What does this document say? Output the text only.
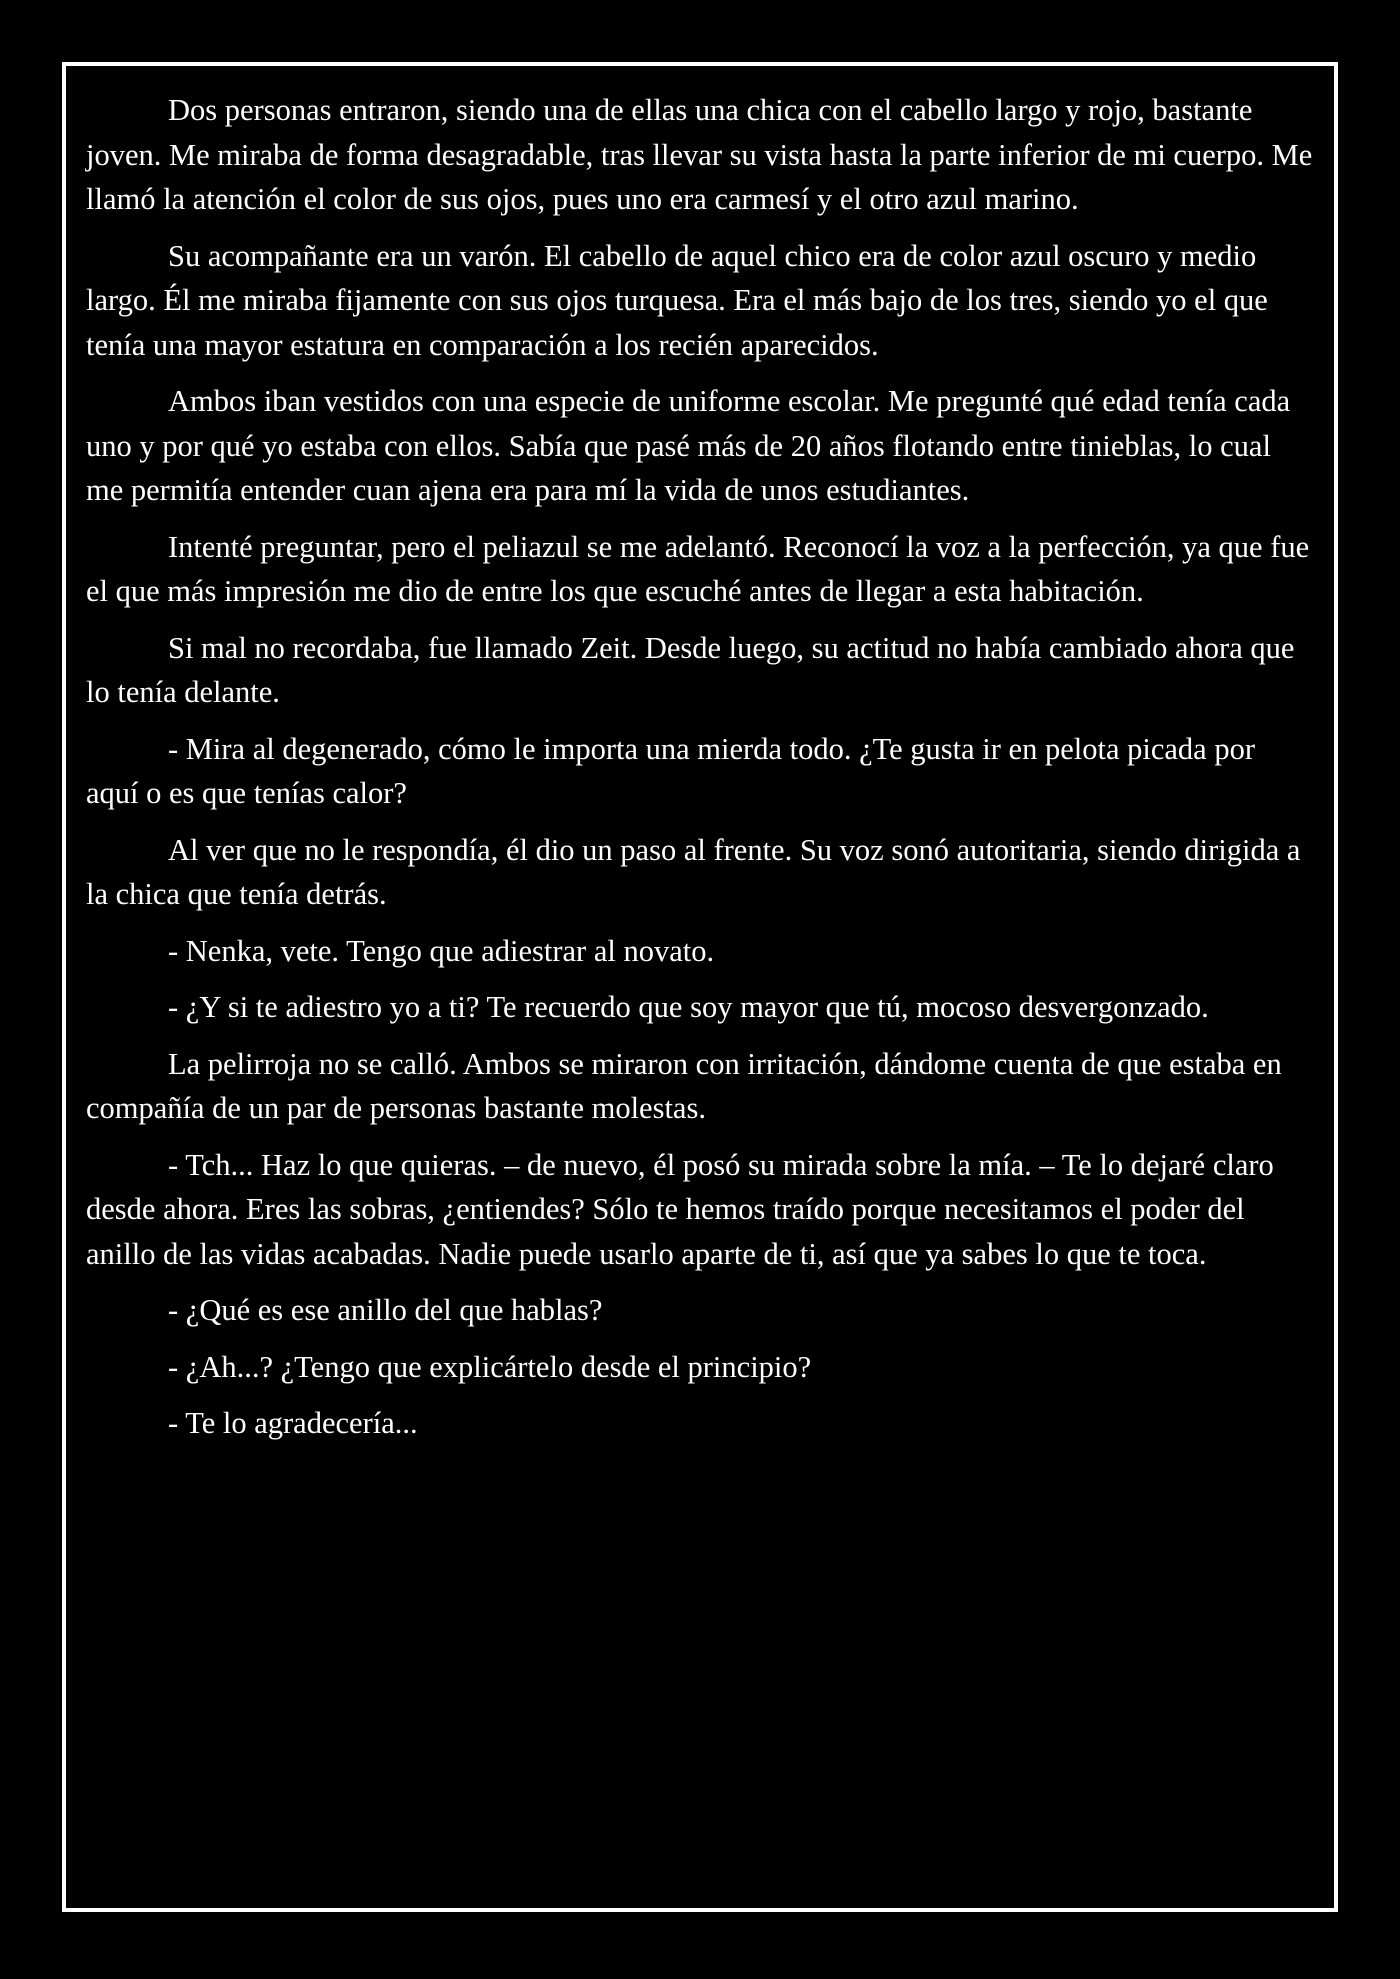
Dos personas entraron, siendo una de ellas una chica con el cabello largo y rojo, bastante joven. Me miraba de forma desagradable, tras llevar su vista hasta la parte inferior de mi cuerpo. Me llamó la atención el color de sus ojos, pues uno era carmesí y el otro azul marino.

Su acompañante era un varón. El cabello de aquel chico era de color azul oscuro y medio largo. Él me miraba fijamente con sus ojos turquesa. Era el más bajo de los tres, siendo yo el que tenía una mayor estatura en comparación a los recién aparecidos.

Ambos iban vestidos con una especie de uniforme escolar. Me pregunté qué edad tenía cada uno y por qué yo estaba con ellos. Sabía que pasé más de 20 años flotando entre tinieblas, lo cual me permitía entender cuan ajena era para mí la vida de unos estudiantes.

Intenté preguntar, pero el peliazul se me adelantó. Reconocí la voz a la perfección, ya que fue el que más impresión me dio de entre los que escuché antes de llegar a esta habitación.

Si mal no recordaba, fue llamado Zeit. Desde luego, su actitud no había cambiado ahora que lo tenía delante.

- Mira al degenerado, cómo le importa una mierda todo. ¿Te gusta ir en pelota picada por aquí o es que tenías calor?

Al ver que no le respondía, él dio un paso al frente. Su voz sonó autoritaria, siendo dirigida a la chica que tenía detrás.

- Nenka, vete. Tengo que adiestrar al novato.

- ¿Y si te adiestro yo a ti? Te recuerdo que soy mayor que tú, mocoso desvergonzado.

La pelirroja no se calló. Ambos se miraron con irritación, dándome cuenta de que estaba en compañía de un par de personas bastante molestas.

- Tch... Haz lo que quieras. – de nuevo, él posó su mirada sobre la mía. – Te lo dejaré claro desde ahora. Eres las sobras, ¿entiendes? Sólo te hemos traído porque necesitamos el poder del anillo de las vidas acabadas. Nadie puede usarlo aparte de ti, así que ya sabes lo que te toca.

- ¿Qué es ese anillo del que hablas?

- ¿Ah...? ¿Tengo que explicártelo desde el principio?

- Te lo agradecería...
